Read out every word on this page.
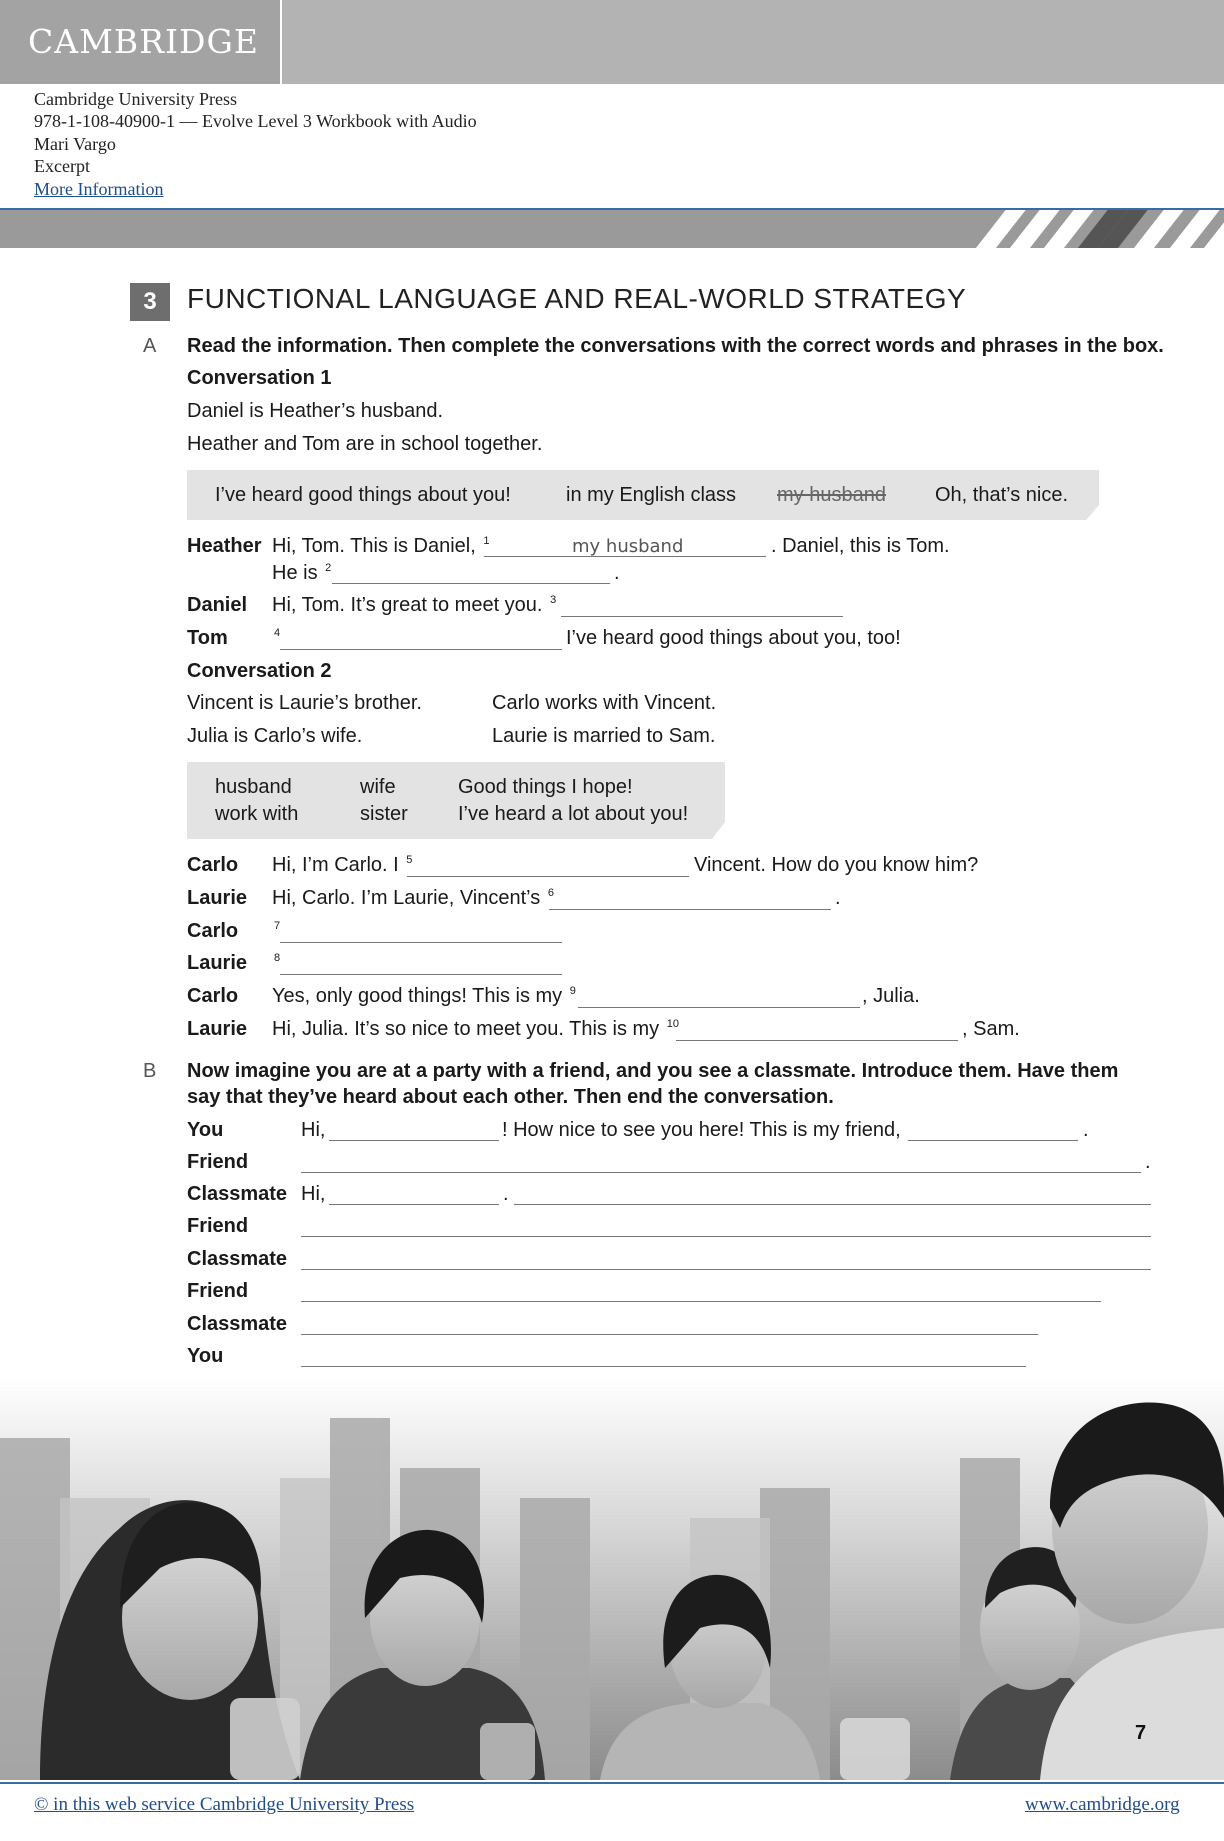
CAMBRIDGE
Cambridge University Press
978-1-108-40900-1 — Evolve Level 3 Workbook with Audio
Mari Vargo
Excerpt
More Information
3	FUNCTIONAL LANGUAGE AND REAL-WORLD STRATEGY
A Read the information. Then complete the conversations with the correct words and phrases in the box.
Conversation 1
Daniel is Heather’s husband.
Heather and Tom are in school together.
I’ve heard good things about you!	in my English class my husband Oh, that’s nice.
Heather Hi, Tom. This is Daniel, $^1$	my husband	. Daniel, this is Tom.
He is $^2$	.
Daniel Hi, Tom. It’s great to meet you. $^3$
Tom	$^4$	I’ve heard good things about you, too!
Conversation 2
Vincent is Laurie’s brother.	Carlo works with Vincent.
Julia is Carlo’s wife.	Laurie is married to Sam.
husband	wife	Good things I hope!
work with	sister	I’ve heard a lot about you!
Carlo Hi, I’m Carlo. I $^5$	Vincent. How do you know him?
Laurie Hi, Carlo. I’m Laurie, Vincent’s $^6$	.
Carlo	$^7$
Laurie $^8$
Carlo Yes, only good things! This is my $^9$	, Julia.
Laurie Hi, Julia. It’s so nice to meet you. This is my $^{10}$	, Sam.
B Now imagine you are at a party with a friend, and you see a classmate. Introduce them. Have them
say that they’ve heard about each other. Then end the conversation.
You	Hi,	! How nice to see you here! This is my friend,	.
Friend	.
Classmate Hi,	.
Friend
Classmate
Friend
Classmate
You
7
© in this web service Cambridge University Press	www.cambridge.org
